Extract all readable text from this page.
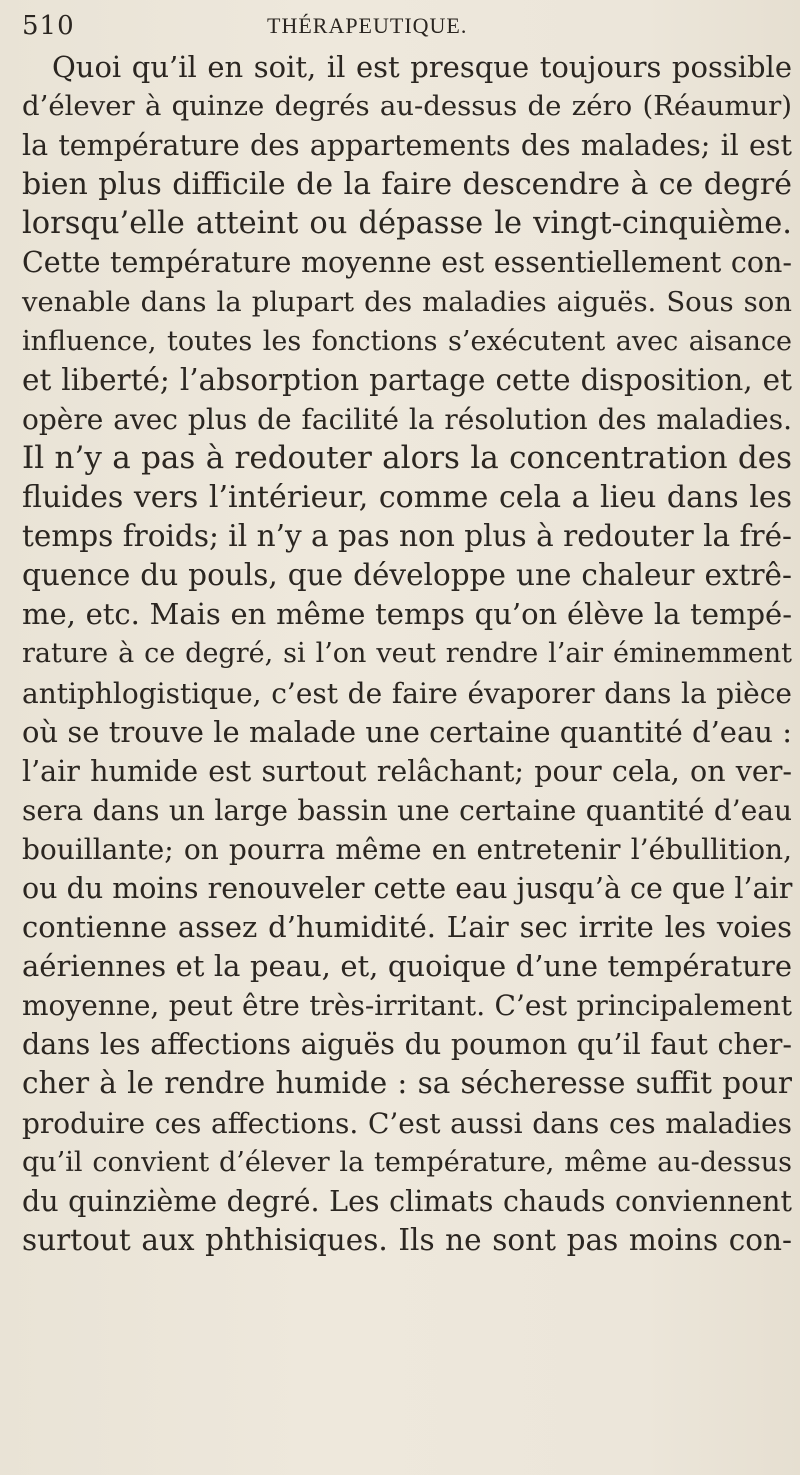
510	THÉRAPEUTIQUE.
Quoi qu’il en soit, il est presque toujours possible
d’élever à quinze degrés au-dessus de zéro (Réaumur)
la température des appartements des malades; il est
bien plus difficile de la faire descendre à ce degré
lorsqu’elle atteint ou dépasse le vingt-cinquième.
Cette température moyenne est essentiellement con-
venable dans la plupart des maladies aiguës. Sous son
influence, toutes les fonctions s’exécutent avec aisance
et liberté; l’absorption partage cette disposition, et
opère avec plus de facilité la résolution des maladies.
Il n’y a pas à redouter alors la concentration des
fluides vers l’intérieur, comme cela a lieu dans les
temps froids; il n’y a pas non plus à redouter la fré-
quence du pouls, que développe une chaleur extrê-
me, etc. Mais en même temps qu’on élève la tempé-
rature à ce degré, si l’on veut rendre l’air éminemment
antiphlogistique, c’est de faire évaporer dans la pièce
où se trouve le malade une certaine quantité d’eau :
l’air humide est surtout relâchant; pour cela, on ver-
sera dans un large bassin une certaine quantité d’eau
bouillante; on pourra même en entretenir l’ébullition,
ou du moins renouveler cette eau jusqu’à ce que l’air
contienne assez d’humidité. L’air sec irrite les voies
aériennes et la peau, et, quoique d’une température
moyenne, peut être très-irritant. C’est principalement
dans les affections aiguës du poumon qu’il faut cher-
cher à le rendre humide : sa sécheresse suffit pour
produire ces affections. C’est aussi dans ces maladies
qu’il convient d’élever la température, même au-dessus
du quinzième degré. Les climats chauds conviennent
surtout aux phthisiques. Ils ne sont pas moins con-
